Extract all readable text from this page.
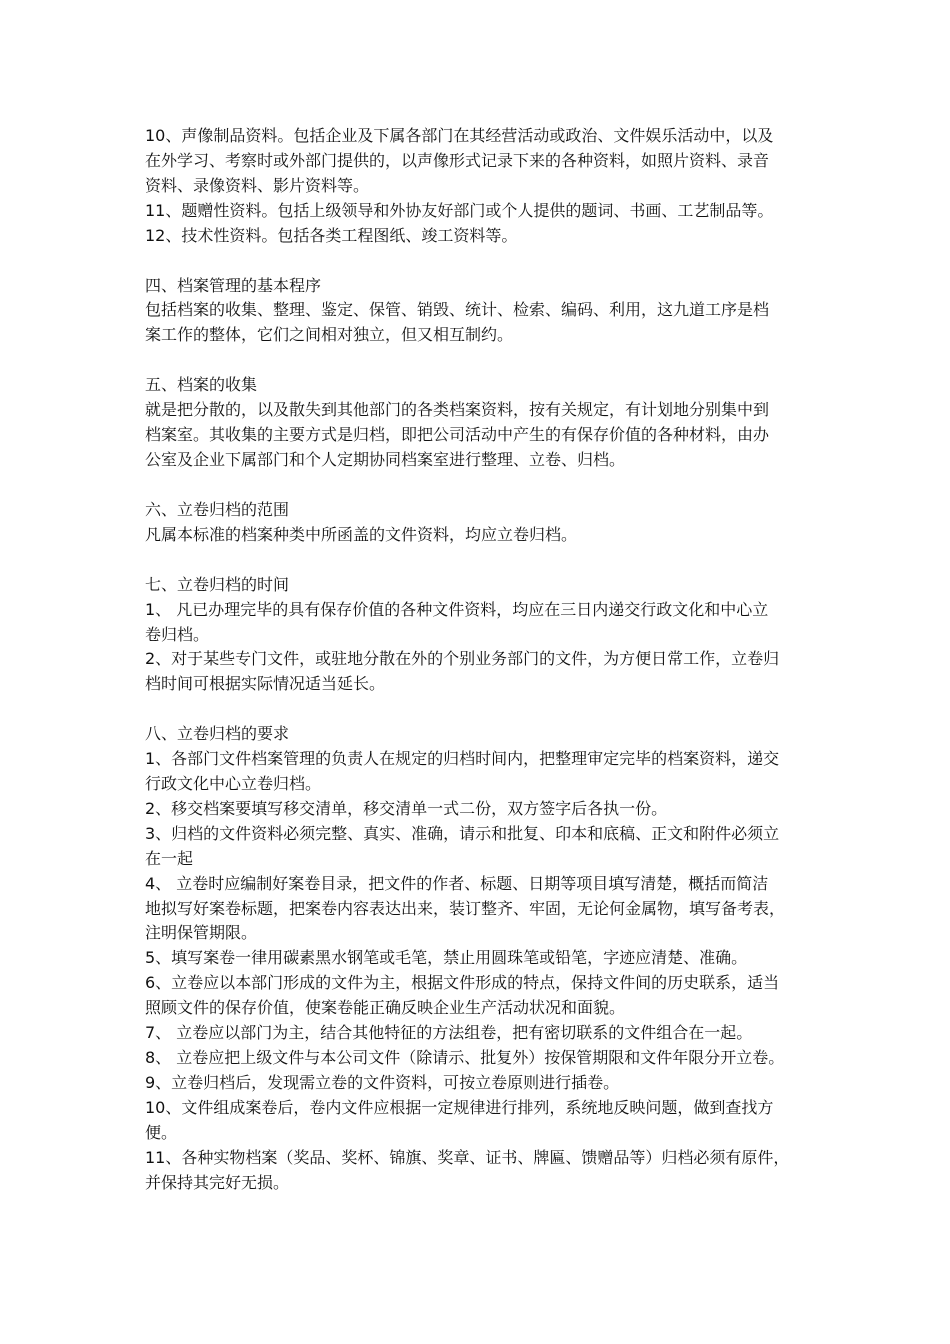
10、声像制品资料。包括企业及下属各部门在其经营活动或政治、文件娱乐活动中，以及
在外学习、考察时或外部门提供的，以声像形式记录下来的各种资料，如照片资料、录音
资料、录像资料、影片资料等。

11、题赠性资料。包括上级领导和外协友好部门或个人提供的题词、书画、工艺制品等。

12、技术性资料。包括各类工程图纸、竣工资料等。

四、档案管理的基本程序

包括档案的收集、整理、鉴定、保管、销毁、统计、检索、编码、利用，这九道工序是档
案工作的整体，它们之间相对独立，但又相互制约。

五、档案的收集

就是把分散的，以及散失到其他部门的各类档案资料，按有关规定，有计划地分别集中到
档案室。其收集的主要方式是归档，即把公司活动中产生的有保存价值的各种材料，由办
公室及企业下属部门和个人定期协同档案室进行整理、立卷、归档。

六、立卷归档的范围

凡属本标准的档案种类中所函盖的文件资料，均应立卷归档。

七、立卷归档的时间

1、 凡已办理完毕的具有保存价值的各种文件资料，均应在三日内递交行政文化和中心立
卷归档。

2、对于某些专门文件，或驻地分散在外的个别业务部门的文件，为方便日常工作，立卷归
档时间可根据实际情况适当延长。

八、立卷归档的要求

1、各部门文件档案管理的负责人在规定的归档时间内，把整理审定完毕的档案资料，递交
行政文化中心立卷归档。

2、移交档案要填写移交清单，移交清单一式二份，双方签字后各执一份。

3、归档的文件资料必须完整、真实、准确，请示和批复、印本和底稿、正文和附件必须立
在一起

4、 立卷时应编制好案卷目录，把文件的作者、标题、日期等项目填写清楚，概括而简洁
地拟写好案卷标题，把案卷内容表达出来，装订整齐、牢固，无论何金属物，填写备考表，
注明保管期限。

5、填写案卷一律用碳素黑水钢笔或毛笔，禁止用圆珠笔或铅笔，字迹应清楚、准确。

6、立卷应以本部门形成的文件为主，根据文件形成的特点，保持文件间的历史联系，适当
照顾文件的保存价值，使案卷能正确反映企业生产活动状况和面貌。

7、 立卷应以部门为主，结合其他特征的方法组卷，把有密切联系的文件组合在一起。

8、 立卷应把上级文件与本公司文件（除请示、批复外）按保管期限和文件年限分开立卷。

9、立卷归档后，发现需立卷的文件资料，可按立卷原则进行插卷。

10、文件组成案卷后，卷内文件应根据一定规律进行排列，系统地反映问题，做到查找方
便。

11、各种实物档案（奖品、奖杯、锦旗、奖章、证书、牌匾、馈赠品等）归档必须有原件，
并保持其完好无损。
